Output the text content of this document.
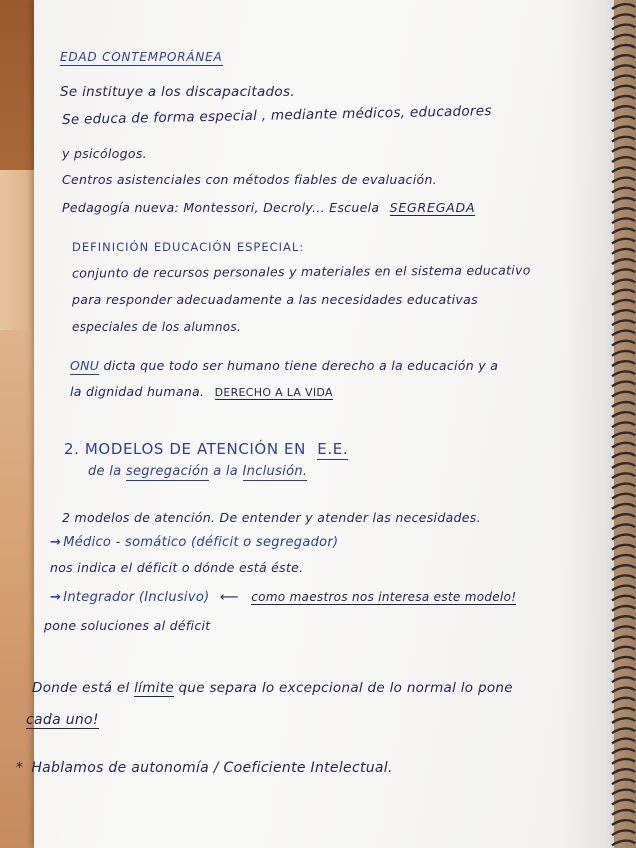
EDAD CONTEMPORÁNEA
Se instituye a los discapacitados.
Se educa de forma especial , mediante médicos, educadores
y psicólogos.
Centros asistenciales con métodos fiables de evaluación.
Pedagogía nueva: Montessori, Decroly... Escuela SEGREGADA
DEFINICIÓN EDUCACIÓN ESPECIAL:
conjunto de recursos personales y materiales en el sistema educativo
para responder adecuadamente a las necesidades educativas
especiales de los alumnos.
ONU dicta que todo ser humano tiene derecho a la educación y a
la dignidad humana. DERECHO A LA VIDA
2. MODELOS DE ATENCIÓN EN E.E.
de la segregación a la Inclusión.
2 modelos de atención. De entender y atender las necesidades.
→ Médico - somático (déficit o segregador)
nos indica el déficit o dónde está éste.
→ Integrador (Inclusivo) ⟵ como maestros nos interesa este modelo!
pone soluciones al déficit
Donde está el límite que separa lo excepcional de lo normal lo pone
cada uno!
* Hablamos de autonomía / Coeficiente Intelectual.
